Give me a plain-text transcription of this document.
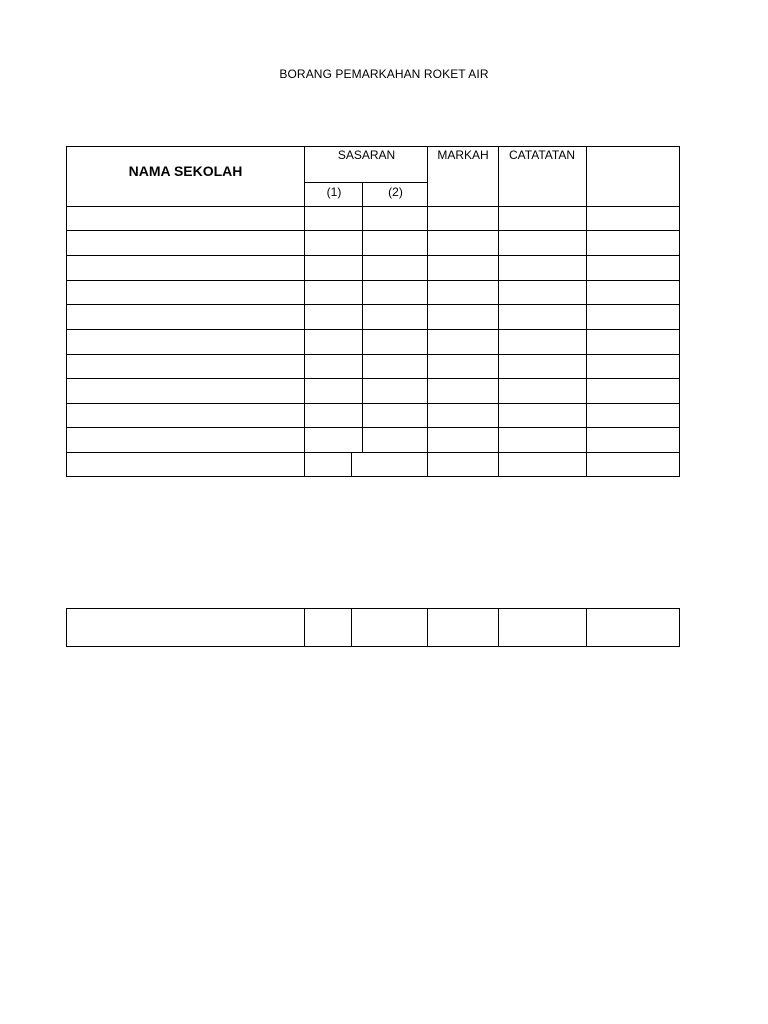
BORANG PEMARKAHAN ROKET AIR
NAMA SEKOLAH
SASARAN
(1)	(2)
MARKAH	CATATATAN
